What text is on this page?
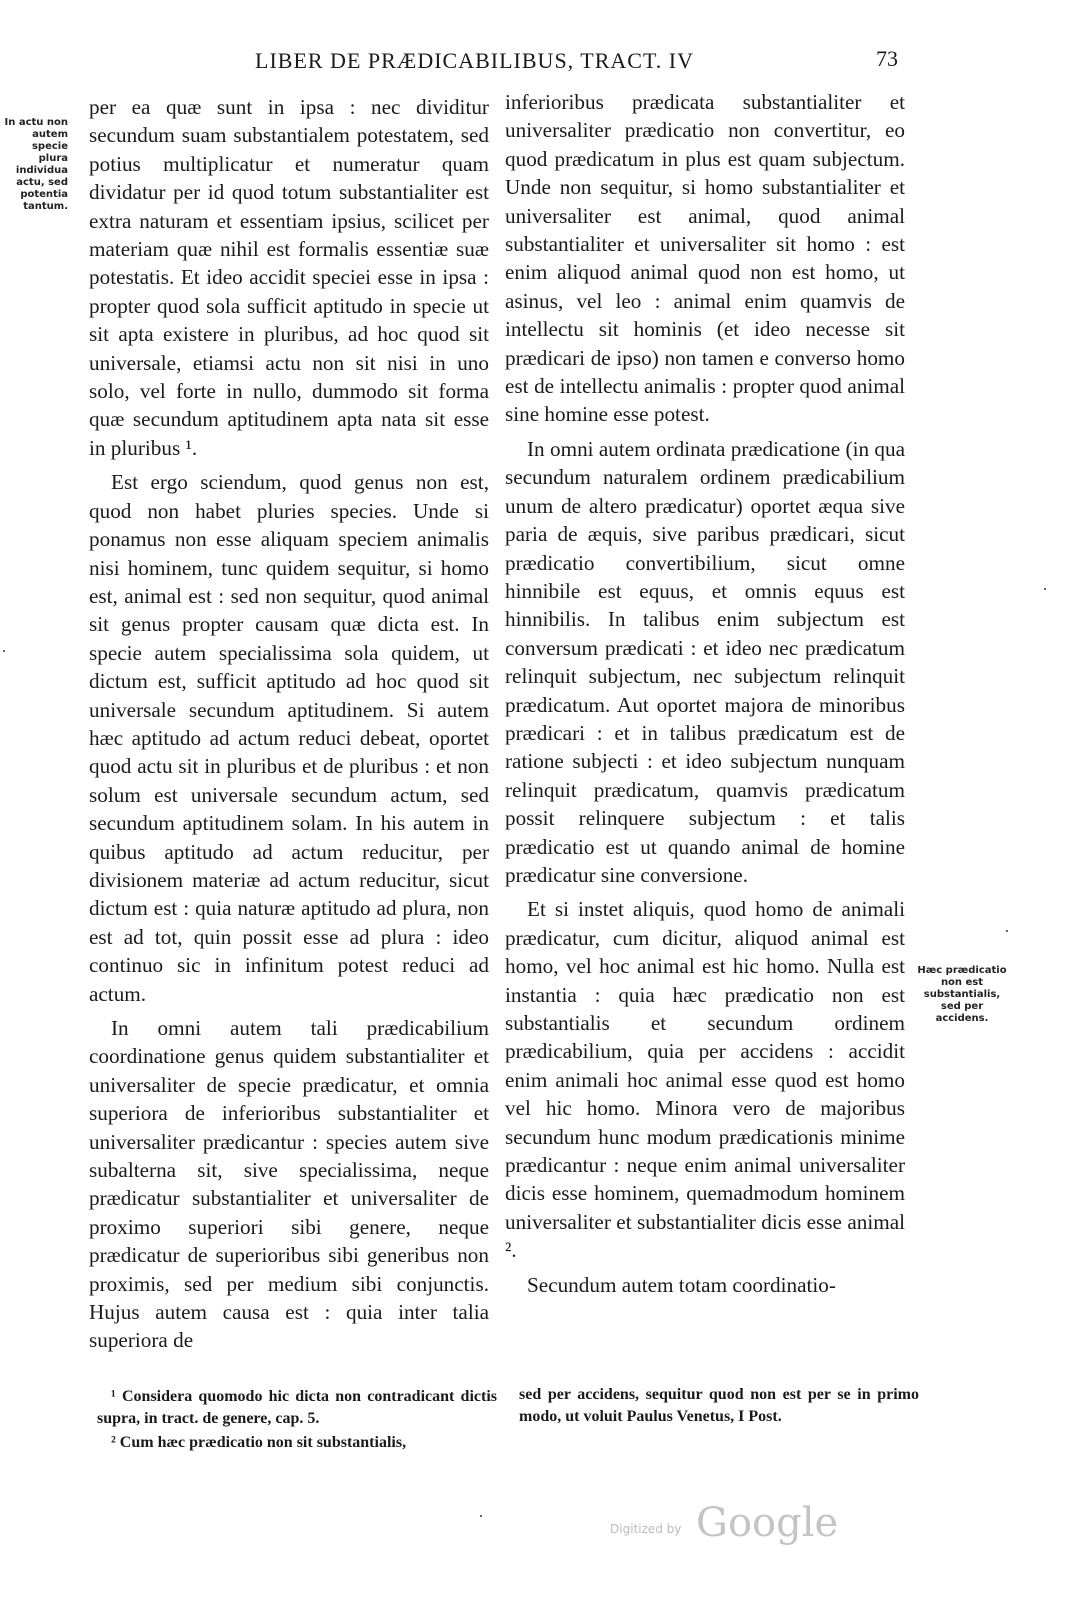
LIBER DE PRÆDICABILIBUS, TRACT. IV	73
In actu non autem specie plura individua actu, sed potentia tantum.

per ea quæ sunt in ipsa : nec dividitur secundum suam substantialem potestatem, sed potius multiplicatur et numeratur quam dividatur per id quod totum substantialiter est extra naturam et essentiam ipsius, scilicet per materiam quæ nihil est formalis essentiæ suæ potestatis. Et ideo accidit speciei esse in ipsa : propter quod sola sufficit aptitudo in specie ut sit apta existere in pluribus, ad hoc quod sit universale, etiamsi actu non sit nisi in uno solo, vel forte in nullo, dummodo sit forma quæ secundum aptitudinem apta nata sit esse in pluribus ¹.

Est ergo sciendum, quod genus non est, quod non habet pluries species. Unde si ponamus non esse aliquam speciem animalis nisi hominem, tunc quidem sequitur, si homo est, animal est : sed non sequitur, quod animal sit genus propter causam quæ dicta est. In specie autem specialissima sola quidem, ut dictum est, sufficit aptitudo ad hoc quod sit universale secundum aptitudinem. Si autem hæc aptitudo ad actum reduci debeat, oportet quod actu sit in pluribus et de pluribus : et non solum est universale secundum actum, sed secundum aptitudinem solam. In his autem in quibus aptitudo ad actum reducitur, per divisionem materiæ ad actum reducitur, sicut dictum est : quia naturæ aptitudo ad plura, non est ad tot, quin possit esse ad plura : ideo continuo sic in infinitum potest reduci ad actum.

In omni autem tali prædicabilium coordinatione genus quidem substantialiter et universaliter de specie prædicatur, et omnia superiora de inferioribus substantialiter et universaliter prædicantur : species autem sive subalterna sit, sive specialissima, neque prædicatur substantialiter et universaliter de proximo superiori sibi genere, neque prædicatur de superioribus sibi generibus non proximis, sed per medium sibi conjunctis. Hujus autem causa est : quia inter talia superiora de

inferioribus prædicata substantialiter et universaliter prædicatio non convertitur, eo quod prædicatum in plus est quam subjectum. Unde non sequitur, si homo substantialiter et universaliter est animal, quod animal substantialiter et universaliter sit homo : est enim aliquod animal quod non est homo, ut asinus, vel leo : animal enim quamvis de intellectu sit hominis (et ideo necesse sit prædicari de ipso) non tamen e converso homo est de intellectu animalis : propter quod animal sine homine esse potest.

In omni autem ordinata prædicatione (in qua secundum naturalem ordinem prædicabilium unum de altero prædicatur) oportet æqua sive paria de æquis, sive paribus prædicari, sicut prædicatio convertibilium, sicut omne hinnibile est equus, et omnis equus est hinnibilis. In talibus enim subjectum est conversum prædicati : et ideo nec prædicatum relinquit subjectum, nec subjectum relinquit prædicatum. Aut oportet majora de minoribus prædicari : et in talibus prædicatum est de ratione subjecti : et ideo subjectum nunquam relinquit prædicatum, quamvis prædicatum possit relinquere subjectum : et talis prædicatio est ut quando animal de homine prædicatur sine conversione.

Et si instet aliquis, quod homo de animali prædicatur, cum dicitur, aliquod animal est homo, vel hoc animal est hic homo. Nulla est instantia : quia hæc prædicatio non est substantialis et secundum ordinem prædicabilium, quia per accidens : accidit enim animali hoc animal esse quod est homo vel hic homo. Minora vero de majoribus secundum hunc modum prædicationis minime prædicantur : neque enim animal universaliter dicis esse hominem, quemadmodum hominem universaliter et substantialiter dicis esse animal ².

Secundum autem totam coordinatio-

Hæc prædicatio non est substantialis, sed per accidens.

¹ Considera quomodo hic dicta non contradicant dictis supra, in tract. de genere, cap. 5.

² Cum hæc prædicatio non sit substantialis,

sed per accidens, sequitur quod non est per se in primo modo, ut voluit Paulus Venetus, I Post.

Digitized by Google
